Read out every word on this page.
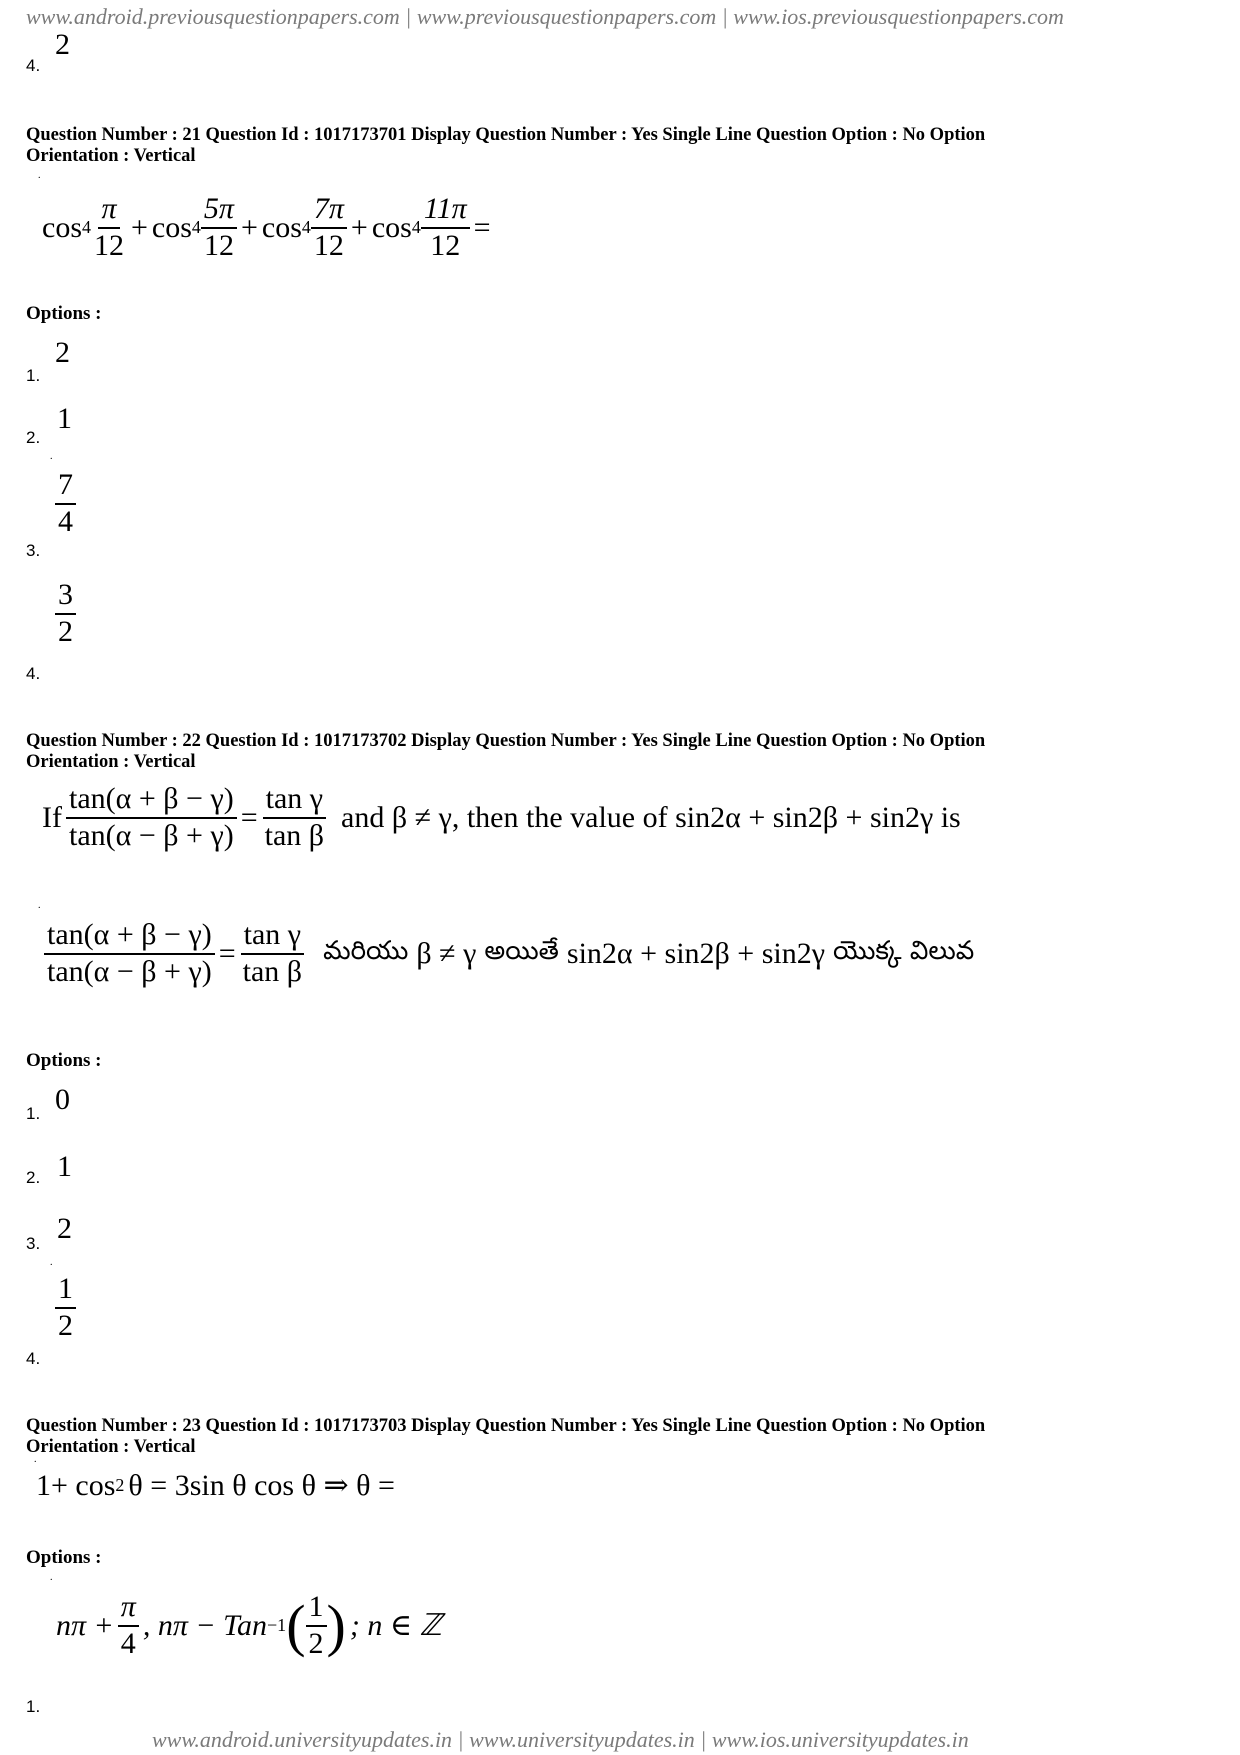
www.android.previousquestionpapers.com | www.previousquestionpapers.com | www.ios.previousquestionpapers.com
2
4.
Question Number : 21 Question Id : 1017173701 Display Question Number : Yes Single Line Question Option : No Option
Orientation : Vertical
.
$\cos 4 \frac{\pi}{12} + \cos 4 \frac{5\pi}{12} + \cos 4 \frac{7\pi}{12} + \cos 4 \frac{11\pi}{12}$ =
Options :
2
1.
1
2.
.
$\frac{7}{4}$
3.
$\frac{3}{2}$
4.
Question Number : 22 Question Id : 1017173702 Display Question Number : Yes Single Line Question Option : No Option
Orientation : Vertical
If $\frac{\tan(\alpha + \beta - \gamma)}{\tan(\alpha - \beta + \gamma)} = \frac{\text{tan γ}}{\text{tan β}}$ and β ≠ γ, then the value of sin2α + sin2β + sin2γ is
.
$\frac{\tan(\alpha + \beta - \gamma)}{\tan(\alpha - \beta + \gamma)} = \frac{\text{tan γ}}{\text{tan β}}$ మరియు β ≠ γ అయితే sin2α + sin2β + sin2γ యొక్క విలువ
Options :
0
1.
1
2.
2
3.
.
$\frac{1}{2}$
4.
Question Number : 23 Question Id : 1017173703 Display Question Number : Yes Single Line Question Option : No Option
Orientation : Vertical
.
1+ cos 2 θ = 3sin θ cos θ ⇒ θ =
Options :
.
$n\pi + \frac{\pi}{4}$ , nπ − Tan −1 ( $\frac{1}{2}$ ) ; n ∈ ℤ
1.
www.android.universityupdates.in | www.universityupdates.in | www.ios.universityupdates.in
